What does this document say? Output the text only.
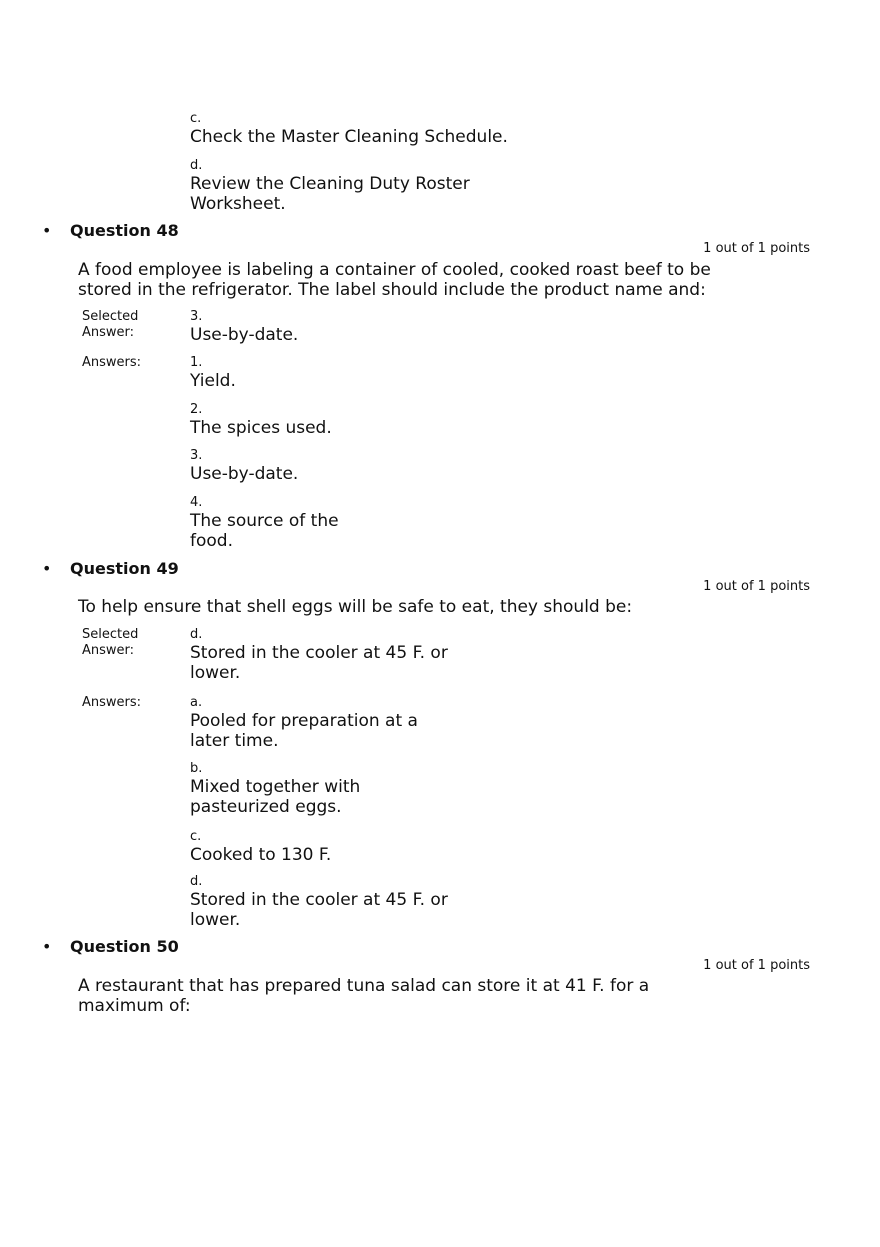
c.
Check the Master Cleaning Schedule.
d.
Review the Cleaning Duty Roster Worksheet.
•	Question 48
1 out of 1 points
A food employee is labeling a container of cooled, cooked roast beef to be stored in the refrigerator. The label should include the product name and:
Selected Answer:
3.
Use-by-date.
Answers:	1.
Yield.
2.
The spices used.
3.
Use-by-date.
4.
The source of the food.
•	Question 49
1 out of 1 points
To help ensure that shell eggs will be safe to eat, they should be:
Selected Answer:
d.
Stored in the cooler at 45 F. or lower.
Answers:	a.
Pooled for preparation at a later time.
b.
Mixed together with pasteurized eggs.
c.
Cooked to 130 F.
d.
Stored in the cooler at 45 F. or lower.
•	Question 50
1 out of 1 points
A restaurant that has prepared tuna salad can store it at 41 F. for a maximum of:
